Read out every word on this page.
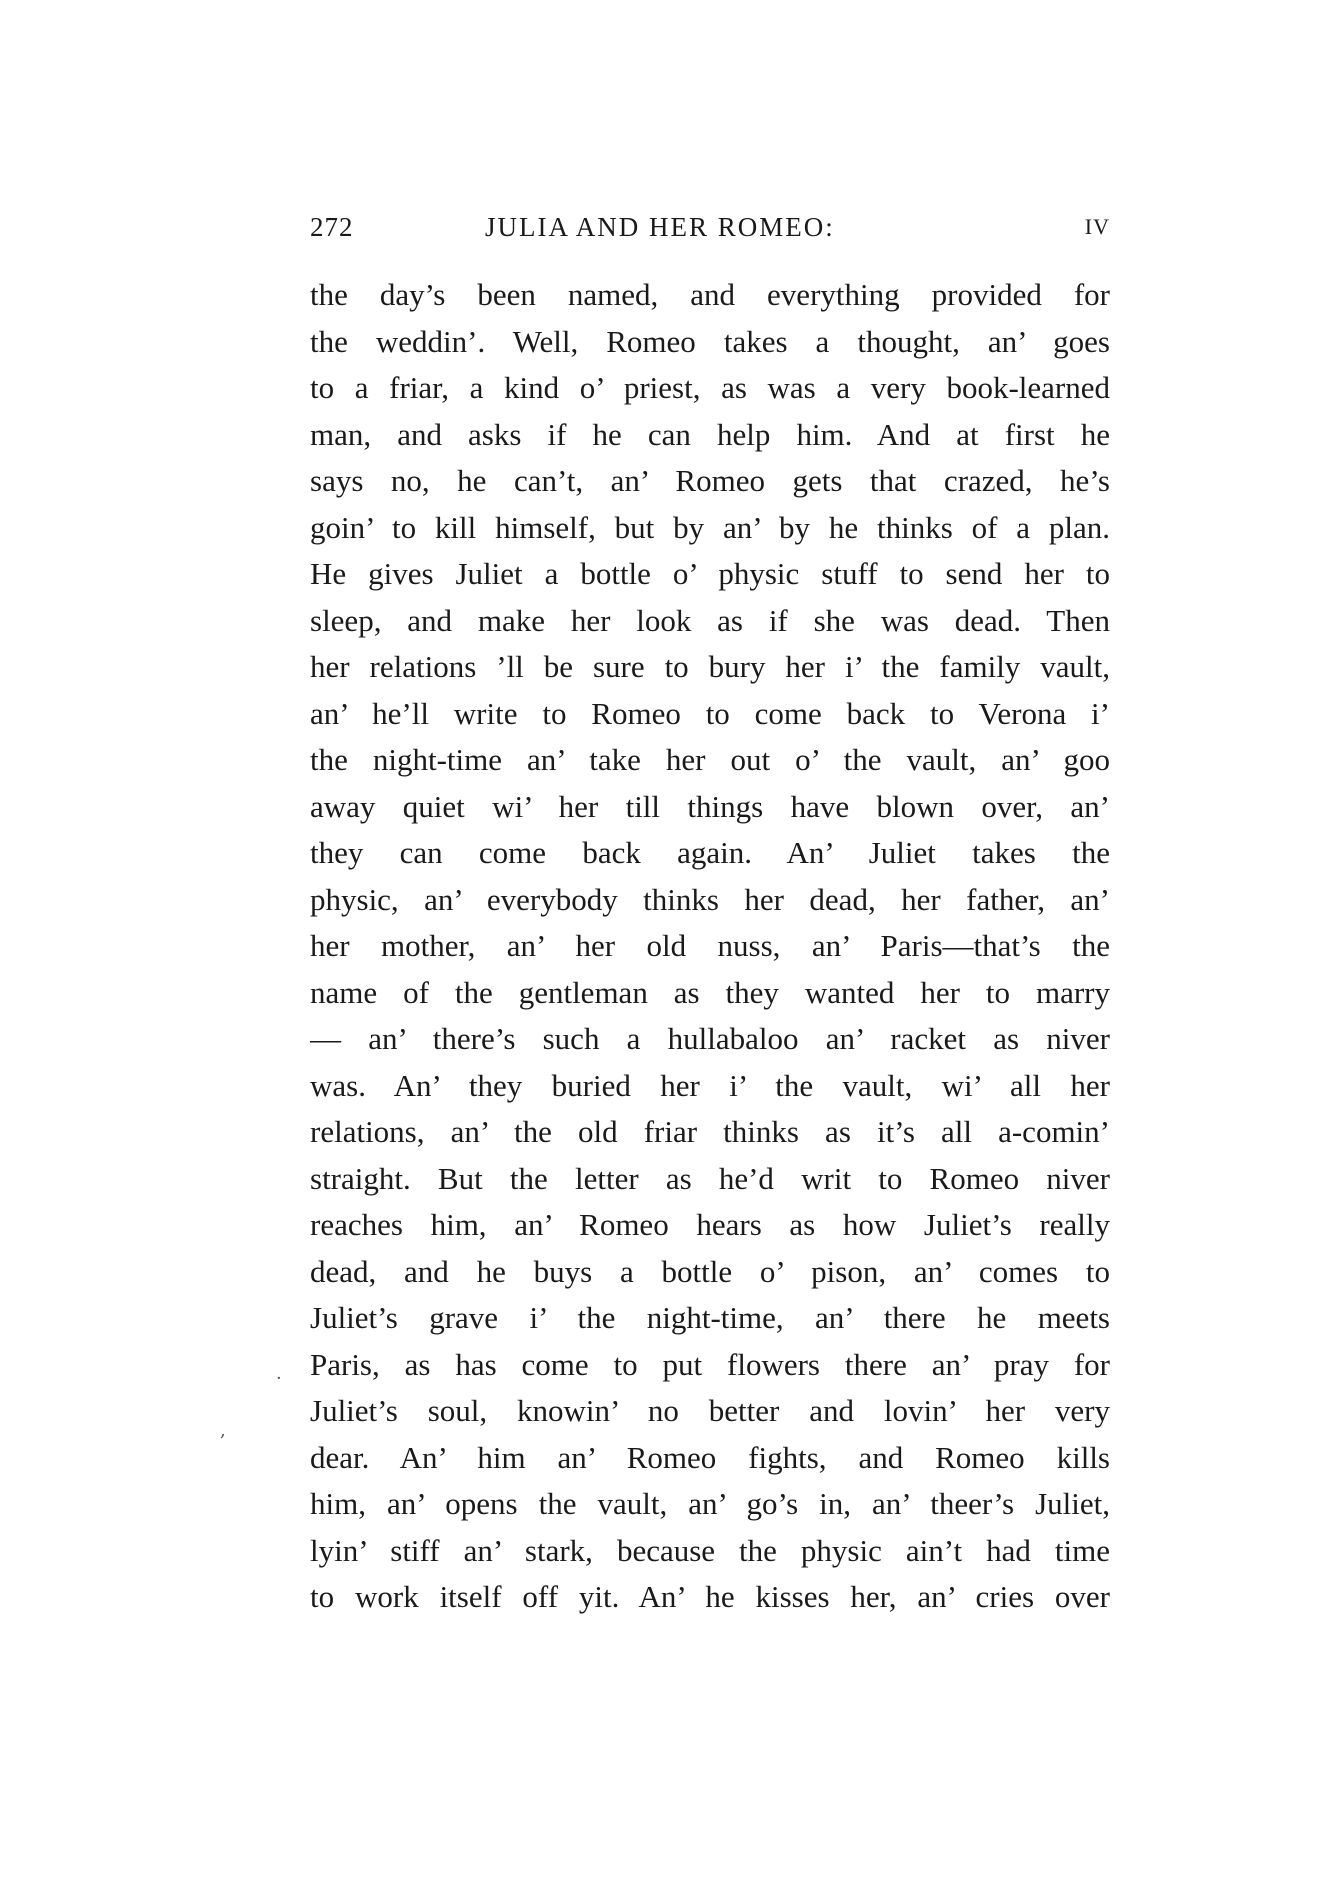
272	JULIA AND HER ROMEO:	IV
the day’s been named, and everything provided for
the weddin’. Well, Romeo takes a thought, an’ goes
to a friar, a kind o’ priest, as was a very book-learned
man, and asks if he can help him. And at first he
says no, he can’t, an’ Romeo gets that crazed, he’s
goin’ to kill himself, but by an’ by he thinks of a plan.
He gives Juliet a bottle o’ physic stuff to send her to
sleep, and make her look as if she was dead. Then
her relations ’ll be sure to bury her i’ the family vault,
an’ he’ll write to Romeo to come back to Verona i’
the night-time an’ take her out o’ the vault, an’ goo
away quiet wi’ her till things have blown over, an’
they can come back again. An’ Juliet takes the
physic, an’ everybody thinks her dead, her father, an’
her mother, an’ her old nuss, an’ Paris—that’s the
name of the gentleman as they wanted her to marry
— an’ there’s such a hullabaloo an’ racket as niver
was. An’ they buried her i’ the vault, wi’ all her
relations, an’ the old friar thinks as it’s all a-comin’
straight. But the letter as he’d writ to Romeo niver
reaches him, an’ Romeo hears as how Juliet’s really
dead, and he buys a bottle o’ pison, an’ comes to
Juliet’s grave i’ the night-time, an’ there he meets
Paris, as has come to put flowers there an’ pray for
Juliet’s soul, knowin’ no better and lovin’ her very
dear. An’ him an’ Romeo fights, and Romeo kills
him, an’ opens the vault, an’ go’s in, an’ theer’s Juliet,
lyin’ stiff an’ stark, because the physic ain’t had time
to work itself off yit. An’ he kisses her, an’ cries over
·
,
